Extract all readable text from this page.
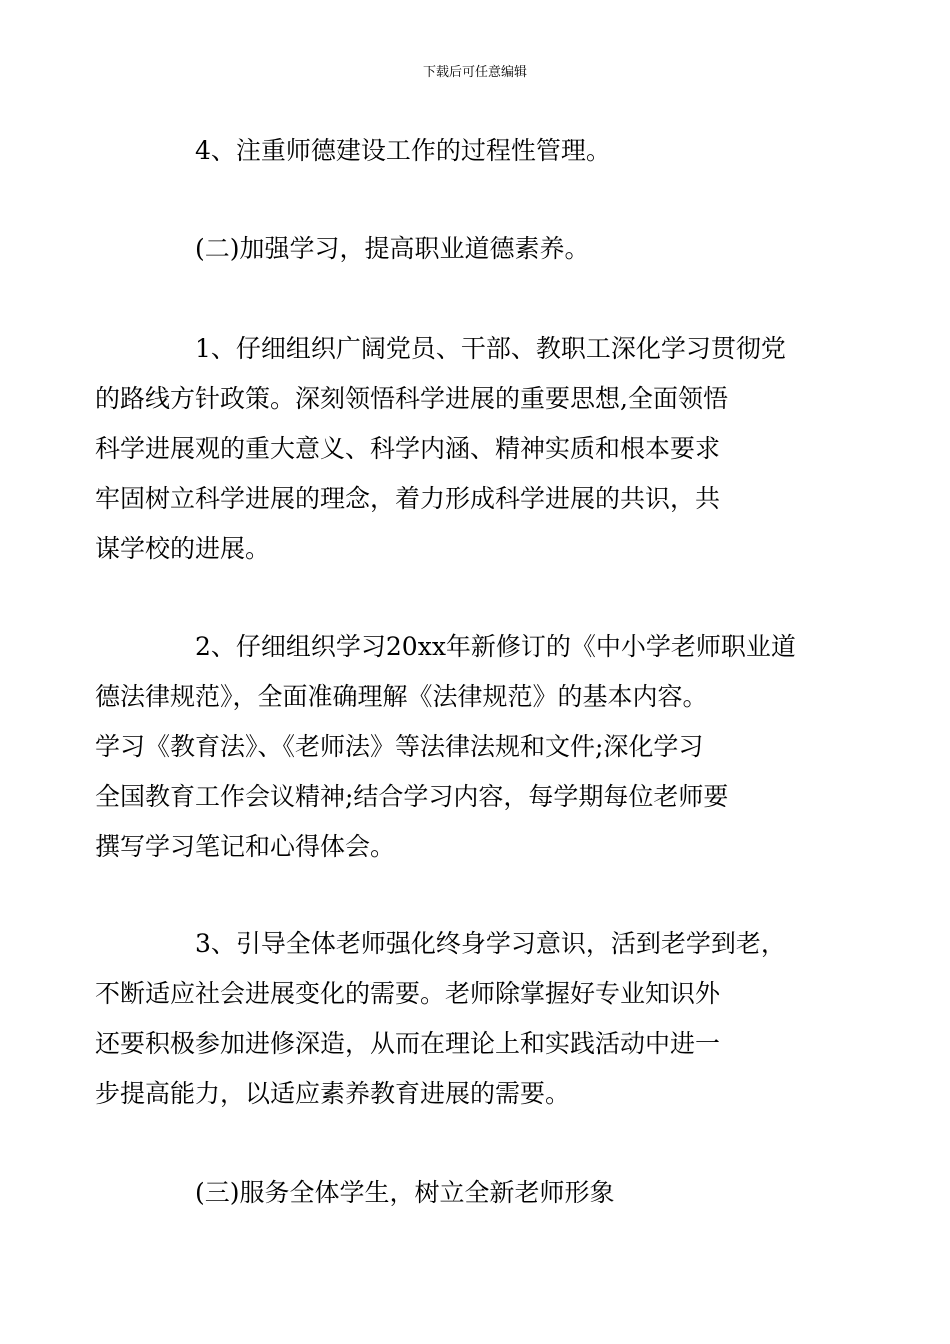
下载后可任意编辑
4、注重师德建设工作的过程性管理。
(二)加强学习，提高职业道德素养。
1、仔细组织广阔党员、干部、教职工深化学习贯彻党
的路线方针政策。深刻领悟科学进展的重要思想,全面领悟
科学进展观的重大意义、科学内涵、精神实质和根本要求
牢固树立科学进展的理念，着力形成科学进展的共识，共
谋学校的进展。
2、仔细组织学习20xx年新修订的《中小学老师职业道
德法律规范》，全面准确理解《法律规范》的基本内容。
学习《教育法》、《老师法》等法律法规和文件;深化学习
全国教育工作会议精神;结合学习内容，每学期每位老师要
撰写学习笔记和心得体会。
3、引导全体老师强化终身学习意识，活到老学到老，
不断适应社会进展变化的需要。老师除掌握好专业知识外
还要积极参加进修深造，从而在理论上和实践活动中进一
步提高能力，以适应素养教育进展的需要。
(三)服务全体学生，树立全新老师形象
